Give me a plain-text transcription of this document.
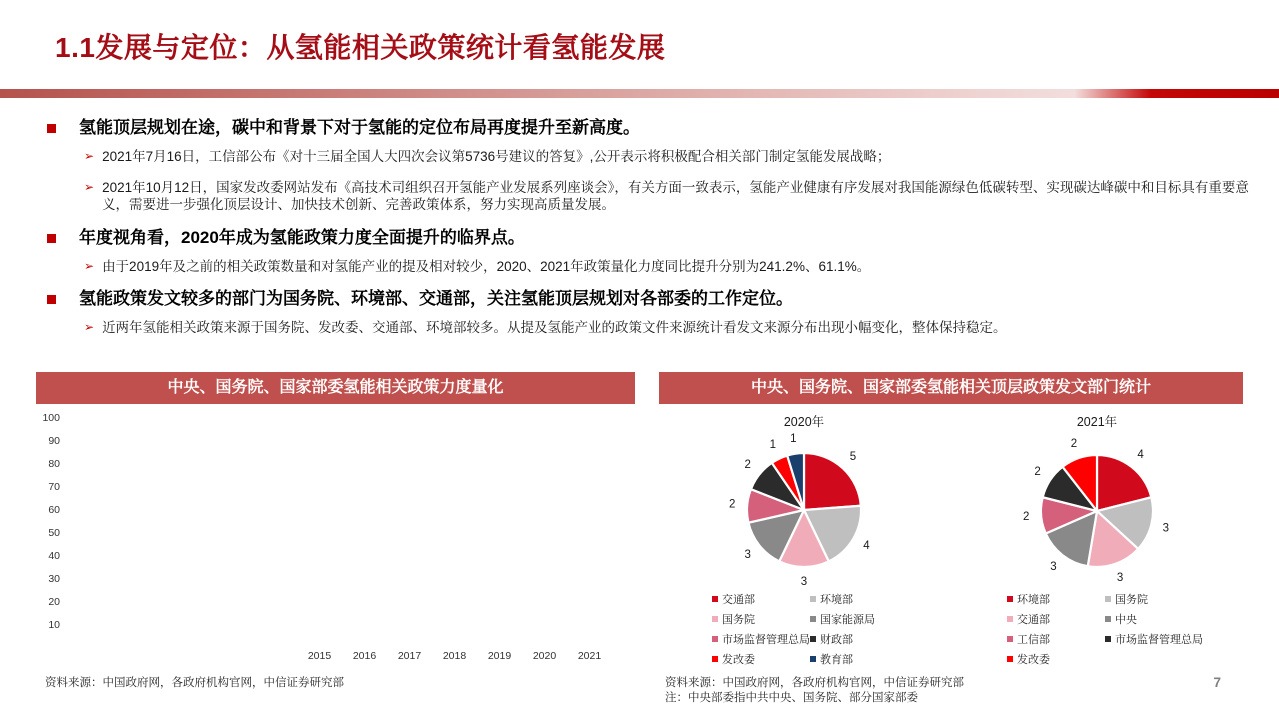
1.1发展与定位：从氢能相关政策统计看氢能发展
氢能顶层规划在途，碳中和背景下对于氢能的定位布局再度提升至新高度。
➢ 2021年7月16日，工信部公布《对十三届全国人大四次会议第5736号建议的答复》,公开表示将积极配合相关部门制定氢能发展战略；
➢ 2021年10月12日，国家发改委网站发布《高技术司组织召开氢能产业发展系列座谈会》，有关方面一致表示，氢能产业健康有序发展对我国能源绿色低碳转型、实现碳达峰碳中和目标具有重要意义，需要进一步强化顶层设计、加快技术创新、完善政策体系，努力实现高质量发展。
年度视角看，2020年成为氢能政策力度全面提升的临界点。
➢ 由于2019年及之前的相关政策数量和对氢能产业的提及相对较少，2020、2021年政策量化力度同比提升分别为241.2%、61.1%。
氢能政策发文较多的部门为国务院、环境部、交通部，关注氢能顶层规划对各部委的工作定位。
➢ 近两年氢能相关政策来源于国务院、发改委、交通部、环境部较多。从提及氢能产业的政策文件来源统计看发文来源分布出现小幅变化，整体保持稳定。
中央、国务院、国家部委氢能相关政策力度量化	中央、国务院、国家部委氢能相关顶层政策发文部门统计
100
90
80
70
60
50
40
30
20
10
2015	2016	2017	2018	2019	2020	2021
2020年	2021年
5
4
3
3
2
2
1
1
4
3
3
3
2
2
2
交通部	环境部
国务院	国家能源局
市场监督管理总局 财政部
发改委	教育部
环境部	国务院
交通部	中央
工信部	市场监督管理总局
发改委
资料来源：中国政府网，各政府机构官网，中信证券研究部	资料来源：中国政府网，各政府机构官网，中信证券研究部
注：中央部委指中共中央、国务院、部分国家部委
7
